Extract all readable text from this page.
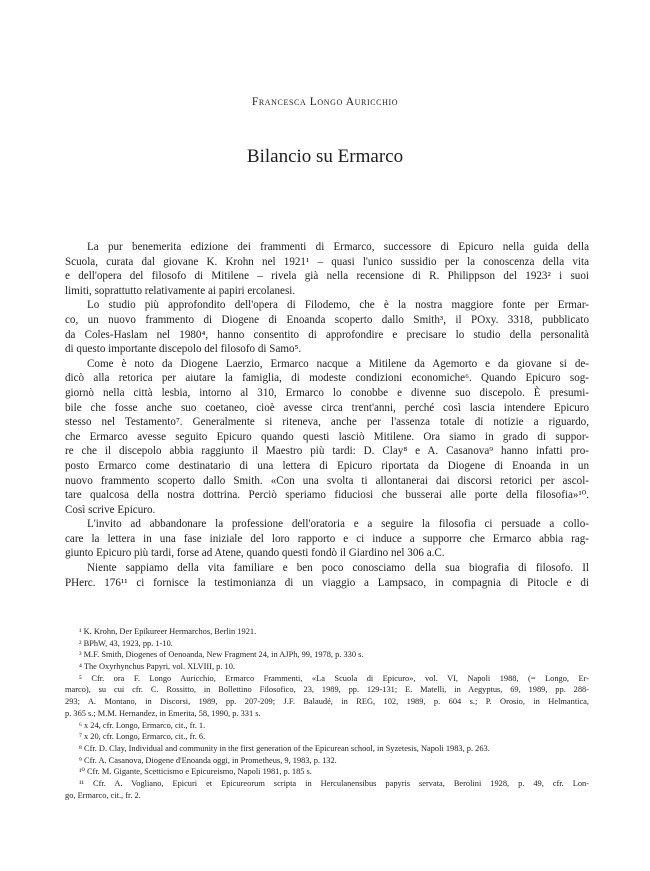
Francesca Longo Auricchio
Bilancio su Ermarco
La pur benemerita edizione dei frammenti di Ermarco, successore di Epicuro nella guida della
Scuola, curata dal giovane K. Krohn nel 1921¹ – quasi l'unico sussidio per la conoscenza della vita
e dell'opera del filosofo di Mitilene – rivela già nella recensione di R. Philippson del 1923² i suoi
limiti, soprattutto relativamente ai papiri ercolanesi.
Lo studio più approfondito dell'opera di Filodemo, che è la nostra maggiore fonte per Ermar-
co, un nuovo frammento di Diogene di Enoanda scoperto dallo Smith³, il POxy. 3318, pubblicato
da Coles-Haslam nel 1980⁴, hanno consentito di approfondire e precisare lo studio della personalità
di questo importante discepolo del filosofo di Samo⁵.
Come è noto da Diogene Laerzio, Ermarco nacque a Mitilene da Agemorto e da giovane si de-
dicò alla retorica per aiutare la famiglia, di modeste condizioni economiche⁶. Quando Epicuro sog-
giornò nella città lesbia, intorno al 310, Ermarco lo conobbe e divenne suo discepolo. È presumi-
bile che fosse anche suo coetaneo, cioè avesse circa trent'anni, perché così lascia intendere Epicuro
stesso nel Testamento⁷. Generalmente si riteneva, anche per l'assenza totale di notizie a riguardo,
che Ermarco avesse seguito Epicuro quando questi lasciò Mitilene. Ora siamo in grado di suppor-
re che il discepolo abbia raggiunto il Maestro più tardi: D. Clay⁸ e A. Casanova⁹ hanno infatti pro-
posto Ermarco come destinatario di una lettera di Epicuro riportata da Diogene di Enoanda in un
nuovo frammento scoperto dallo Smith. «Con una svolta ti allontanerai dai discorsi retorici per ascol-
tare qualcosa della nostra dottrina. Perciò speriamo fiduciosi che busserai alle porte della filosofia»¹⁰.
Così scrive Epicuro.
L'invito ad abbandonare la professione dell'oratoria e a seguire la filosofia ci persuade a collo-
care la lettera in una fase iniziale del loro rapporto e ci induce a supporre che Ermarco abbia rag-
giunto Epicuro più tardi, forse ad Atene, quando questi fondò il Giardino nel 306 a.C.
Niente sappiamo della vita familiare e ben poco conosciamo della sua biografia di filosofo. Il
PHerc. 176¹¹ ci fornisce la testimonianza di un viaggio a Lampsaco, in compagnia di Pitocle e di
¹ K. Krohn, Der Epikureer Hermarchos, Berlin 1921.
² BPhW, 43, 1923, pp. 1-10.
³ M.F. Smith, Diogenes of Oenoanda, New Fragment 24, in AJPh, 99, 1978, p. 330 s.
⁴ The Oxyrhynchus Papyri, vol. XLVIII, p. 10.
⁵ Cfr. ora F. Longo Auricchio, Ermarco Frammenti, «La Scuola di Epicuro», vol. VI, Napoli 1988, (= Longo, Er-
marco), su cui cfr. C. Rossitto, in Bollettino Filosofico, 23, 1989, pp. 129-131; E. Matelli, in Aegyptus, 69, 1989, pp. 288-
293; A. Montano, in Discorsi, 1989, pp. 207-209; J.F. Balaudé, in REG, 102, 1989, p. 604 s.; P. Orosio, in Helmantica,
p. 365 s.; M.M. Hernandez, in Emerita, 58, 1990, p. 331 s.
⁶ x 24, cfr. Longo, Ermarco, cit., fr. 1.
⁷ x 20, cfr. Longo, Ermarco, cit., fr. 6.
⁸ Cfr. D. Clay, Individual and community in the first generation of the Epicurean school, in Syzetesis, Napoli 1983, p. 263.
⁹ Cfr. A. Casanova, Diogene d'Enoanda oggi, in Prometheus, 9, 1983, p. 132.
¹⁰ Cfr. M. Gigante, Scetticismo e Epicureismo, Napoli 1981, p. 185 s.
¹¹ Cfr. A. Vogliano, Epicuri et Epicureorum scripta in Herculanensibus papyris servata, Berolini 1928, p. 49, cfr. Lon-
go, Ermarco, cit., fr. 2.
